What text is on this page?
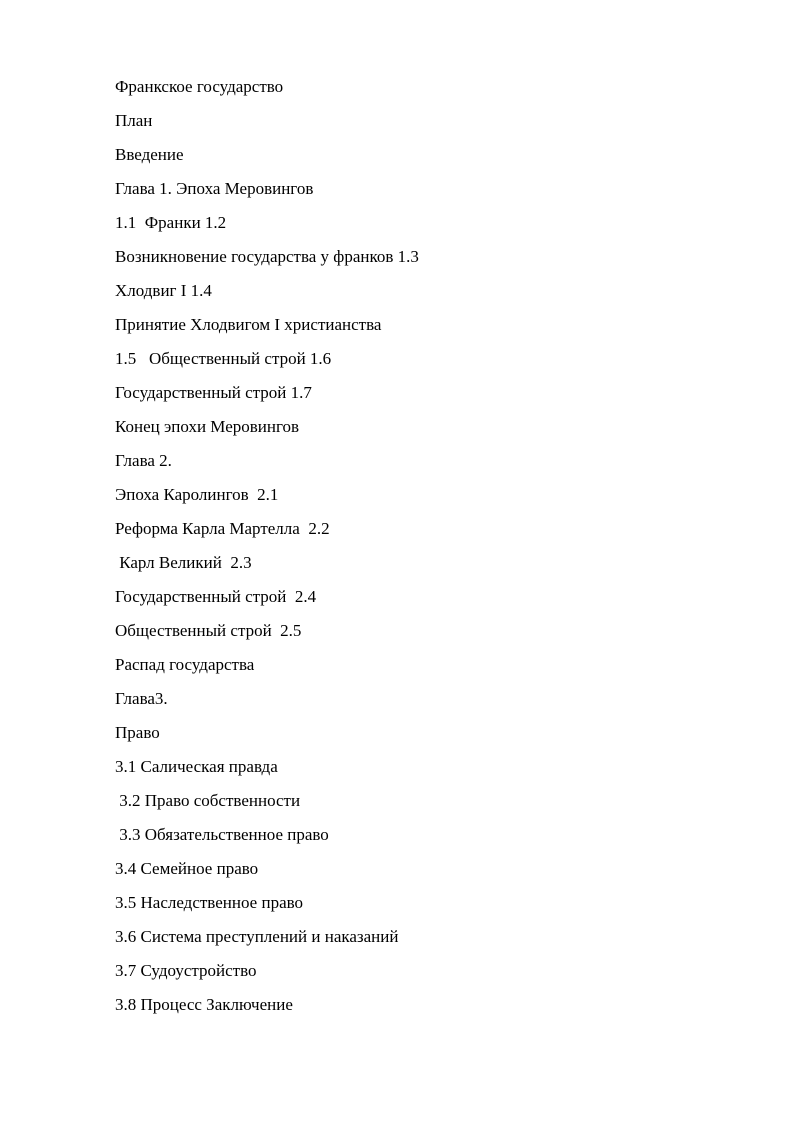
Франкское государство
План
Введение
Глава 1. Эпоха Меровингов
1.1  Франки 1.2
Возникновение государства у франков 1.3
Хлодвиг I 1.4
Принятие Хлодвигом I христианства
1.5   Общественный строй 1.6
Государственный строй 1.7
Конец эпохи Меровингов
Глава 2.
Эпоха Каролингов  2.1
Реформа Карла Мартелла  2.2
Карл Великий  2.3
Государственный строй  2.4
Общественный строй  2.5
Распад государства
Глава3.
Право
3.1 Салическая правда
3.2 Право собственности
3.3 Обязательственное право
3.4 Семейное право
3.5 Наследственное право
3.6 Система преступлений и наказаний
3.7 Судоустройство
3.8 Процесс Заключение
